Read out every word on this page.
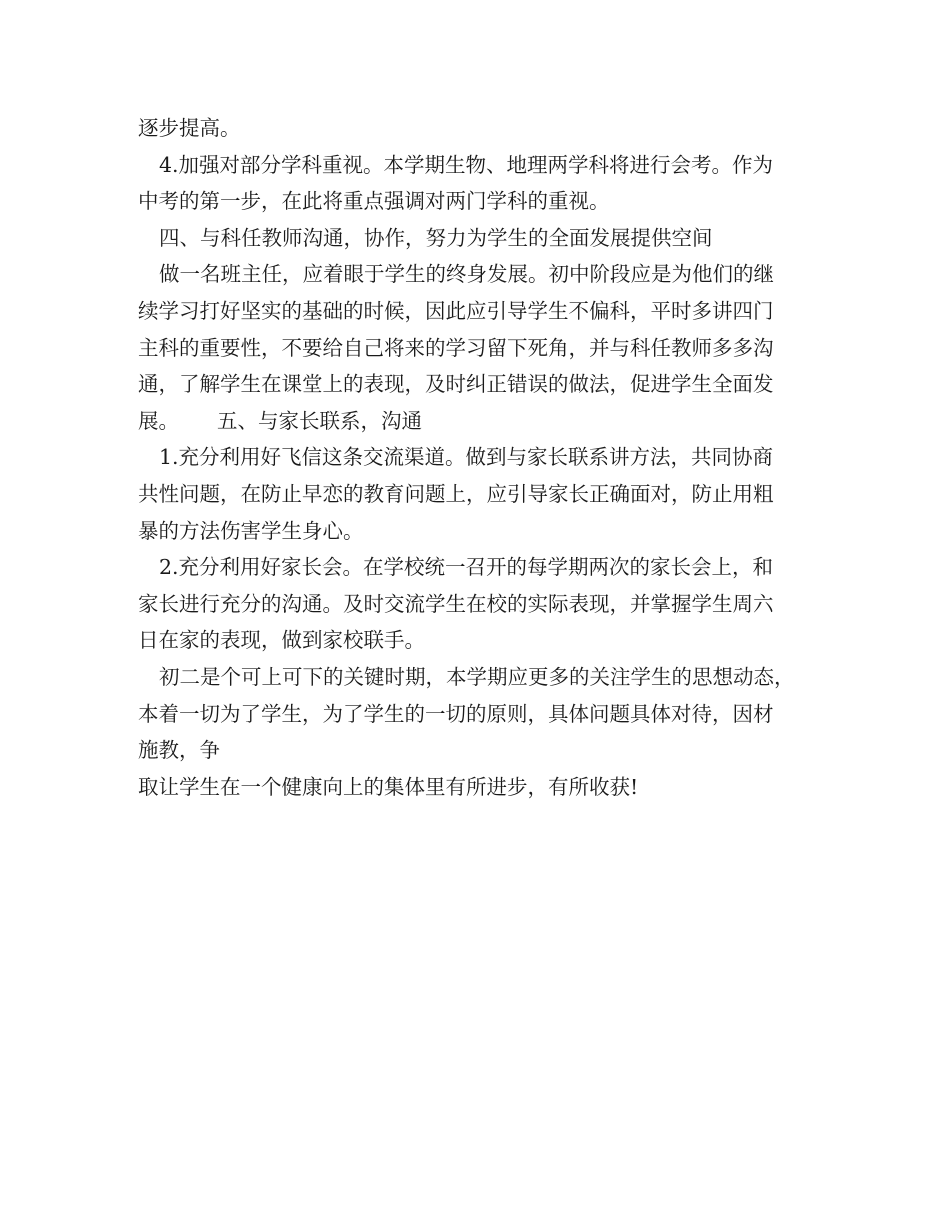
逐步提高。
4.加强对部分学科重视。本学期生物、地理两学科将进行会考。作为
中考的第一步，在此将重点强调对两门学科的重视。
四、与科任教师沟通，协作，努力为学生的全面发展提供空间
做一名班主任，应着眼于学生的终身发展。初中阶段应是为他们的继
续学习打好坚实的基础的时候，因此应引导学生不偏科，平时多讲四门
主科的重要性，不要给自己将来的学习留下死角，并与科任教师多多沟
通，了解学生在课堂上的表现，及时纠正错误的做法，促进学生全面发
展。 五、与家长联系，沟通
1.充分利用好飞信这条交流渠道。做到与家长联系讲方法，共同协商
共性问题，在防止早恋的教育问题上，应引导家长正确面对，防止用粗
暴的方法伤害学生身心。
2.充分利用好家长会。在学校统一召开的每学期两次的家长会上，和
家长进行充分的沟通。及时交流学生在校的实际表现，并掌握学生周六
日在家的表现，做到家校联手。
初二是个可上可下的关键时期，本学期应更多的关注学生的思想动态，
本着一切为了学生，为了学生的一切的原则，具体问题具体对待，因材
施教，争
取让学生在一个健康向上的集体里有所进步，有所收获!
